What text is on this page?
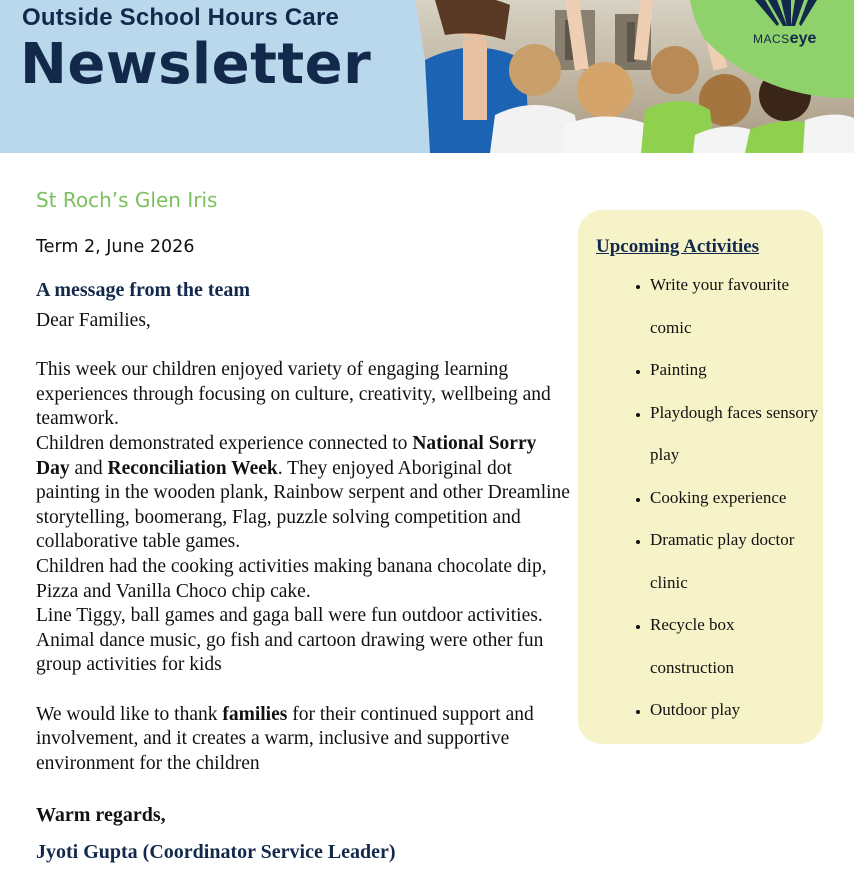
Outside School Hours Care
Newsletter	MACSeye
St Roch’s Glen Iris
Term 2, June 2026
A message from the team

Dear Families,

This week our children enjoyed variety of engaging learning experiences through focusing on culture, creativity, wellbeing and teamwork.

Children demonstrated experience connected to National Sorry Day and Reconciliation Week. They enjoyed Aboriginal dot painting in the wooden plank, Rainbow serpent and other Dreamline storytelling, boomerang, Flag, puzzle solving competition and collaborative table games.

Children had the cooking activities making banana chocolate dip, Pizza and Vanilla Choco chip cake.

Line Tiggy, ball games and gaga ball were fun outdoor activities. Animal dance music, go fish and cartoon drawing were other fun group activities for kids

We would like to thank families for their continued support and involvement, and it creates a warm, inclusive and supportive environment for the children

Warm regards,
Jyoti Gupta (Coordinator Service Leader)
Upcoming Activities
• Write your favourite comic
• Painting
• Playdough faces sensory play
• Cooking experience
• Dramatic play doctor clinic
• Recycle box construction
• Outdoor play
